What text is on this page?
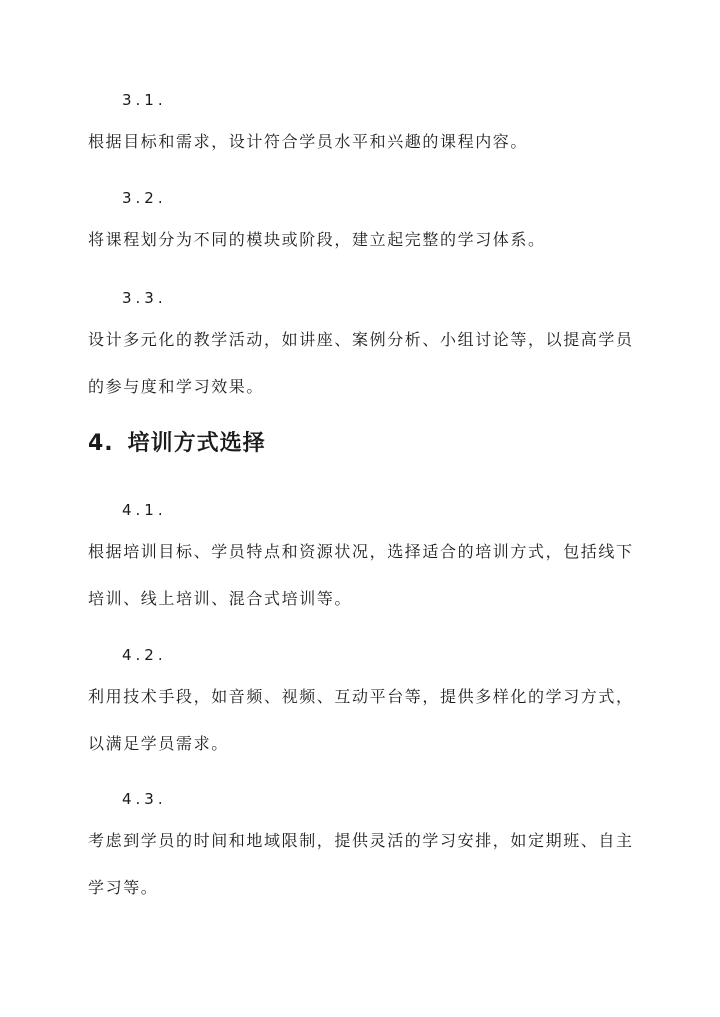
3.1.

根据目标和需求，设计符合学员水平和兴趣的课程内容。

3.2.

将课程划分为不同的模块或阶段，建立起完整的学习体系。

3.3.

设计多元化的教学活动，如讲座、案例分析、小组讨论等，以提高学员的参与度和学习效果。

4. 培训方式选择
4.1.

根据培训目标、学员特点和资源状况，选择适合的培训方式，包括线下培训、线上培训、混合式培训等。

4.2.

利用技术手段，如音频、视频、互动平台等，提供多样化的学习方式，以满足学员需求。

4.3.

考虑到学员的时间和地域限制，提供灵活的学习安排，如定期班、自主学习等。
